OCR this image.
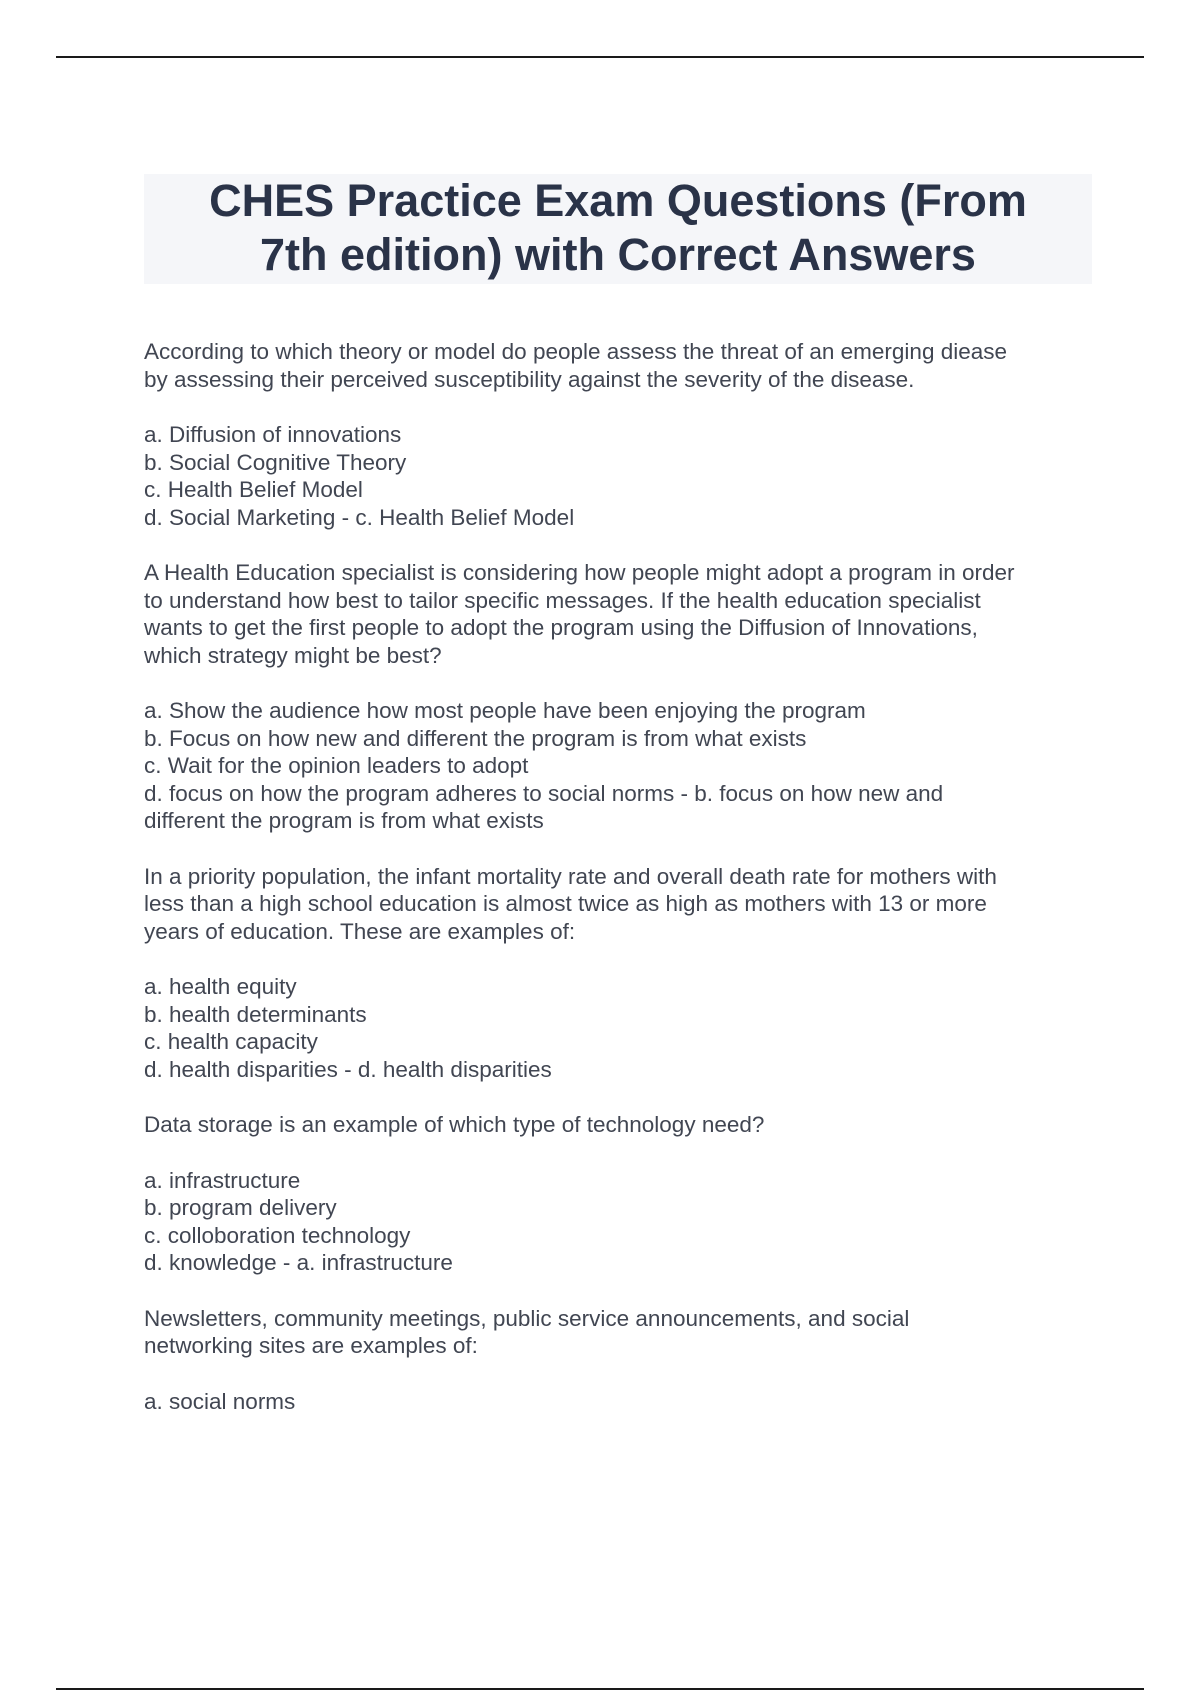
CHES Practice Exam Questions (From
7th edition) with Correct Answers
According to which theory or model do people assess the threat of an emerging diease
by assessing their perceived susceptibility against the severity of the disease.
a. Diffusion of innovations
b. Social Cognitive Theory
c. Health Belief Model
d. Social Marketing - c. Health Belief Model
A Health Education specialist is considering how people might adopt a program in order
to understand how best to tailor specific messages. If the health education specialist
wants to get the first people to adopt the program using the Diffusion of Innovations,
which strategy might be best?
a. Show the audience how most people have been enjoying the program
b. Focus on how new and different the program is from what exists
c. Wait for the opinion leaders to adopt
d. focus on how the program adheres to social norms - b. focus on how new and
different the program is from what exists
In a priority population, the infant mortality rate and overall death rate for mothers with
less than a high school education is almost twice as high as mothers with 13 or more
years of education. These are examples of:
a. health equity
b. health determinants
c. health capacity
d. health disparities - d. health disparities
Data storage is an example of which type of technology need?
a. infrastructure
b. program delivery
c. colloboration technology
d. knowledge - a. infrastructure
Newsletters, community meetings, public service announcements, and social
networking sites are examples of:
a. social norms
